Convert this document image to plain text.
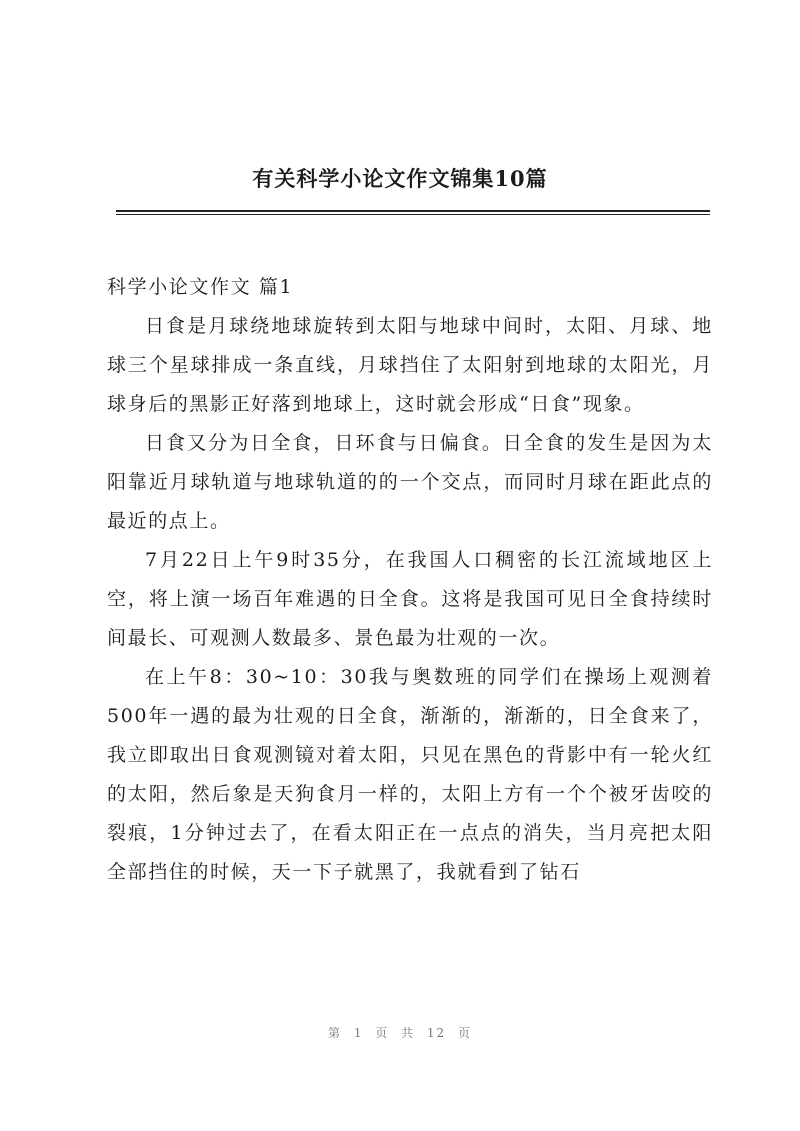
有关科学小论文作文锦集10篇

科学小论文作文 篇1

日食是月球绕地球旋转到太阳与地球中间时，太阳、月球、地球三个星球排成一条直线，月球挡住了太阳射到地球的太阳光，月球身后的黑影正好落到地球上，这时就会形成“日食”现象。

日食又分为日全食，日环食与日偏食。日全食的发生是因为太阳靠近月球轨道与地球轨道的的一个交点，而同时月球在距此点的最近的点上。

7月22日上午9时35分，在我国人口稠密的长江流域地区上空，将上演一场百年难遇的日全食。这将是我国可见日全食持续时间最长、可观测人数最多、景色最为壮观的一次。

在上午8：30~10：30我与奥数班的同学们在操场上观测着500年一遇的最为壮观的日全食，渐渐的，渐渐的，日全食来了，我立即取出日食观测镜对着太阳，只见在黑色的背影中有一轮火红的太阳，然后象是天狗食月一样的，太阳上方有一个个被牙齿咬的裂痕，1分钟过去了，在看太阳正在一点点的消失，当月亮把太阳全部挡住的时候，天一下子就黑了，我就看到了钻石

第 1 页 共 12 页
